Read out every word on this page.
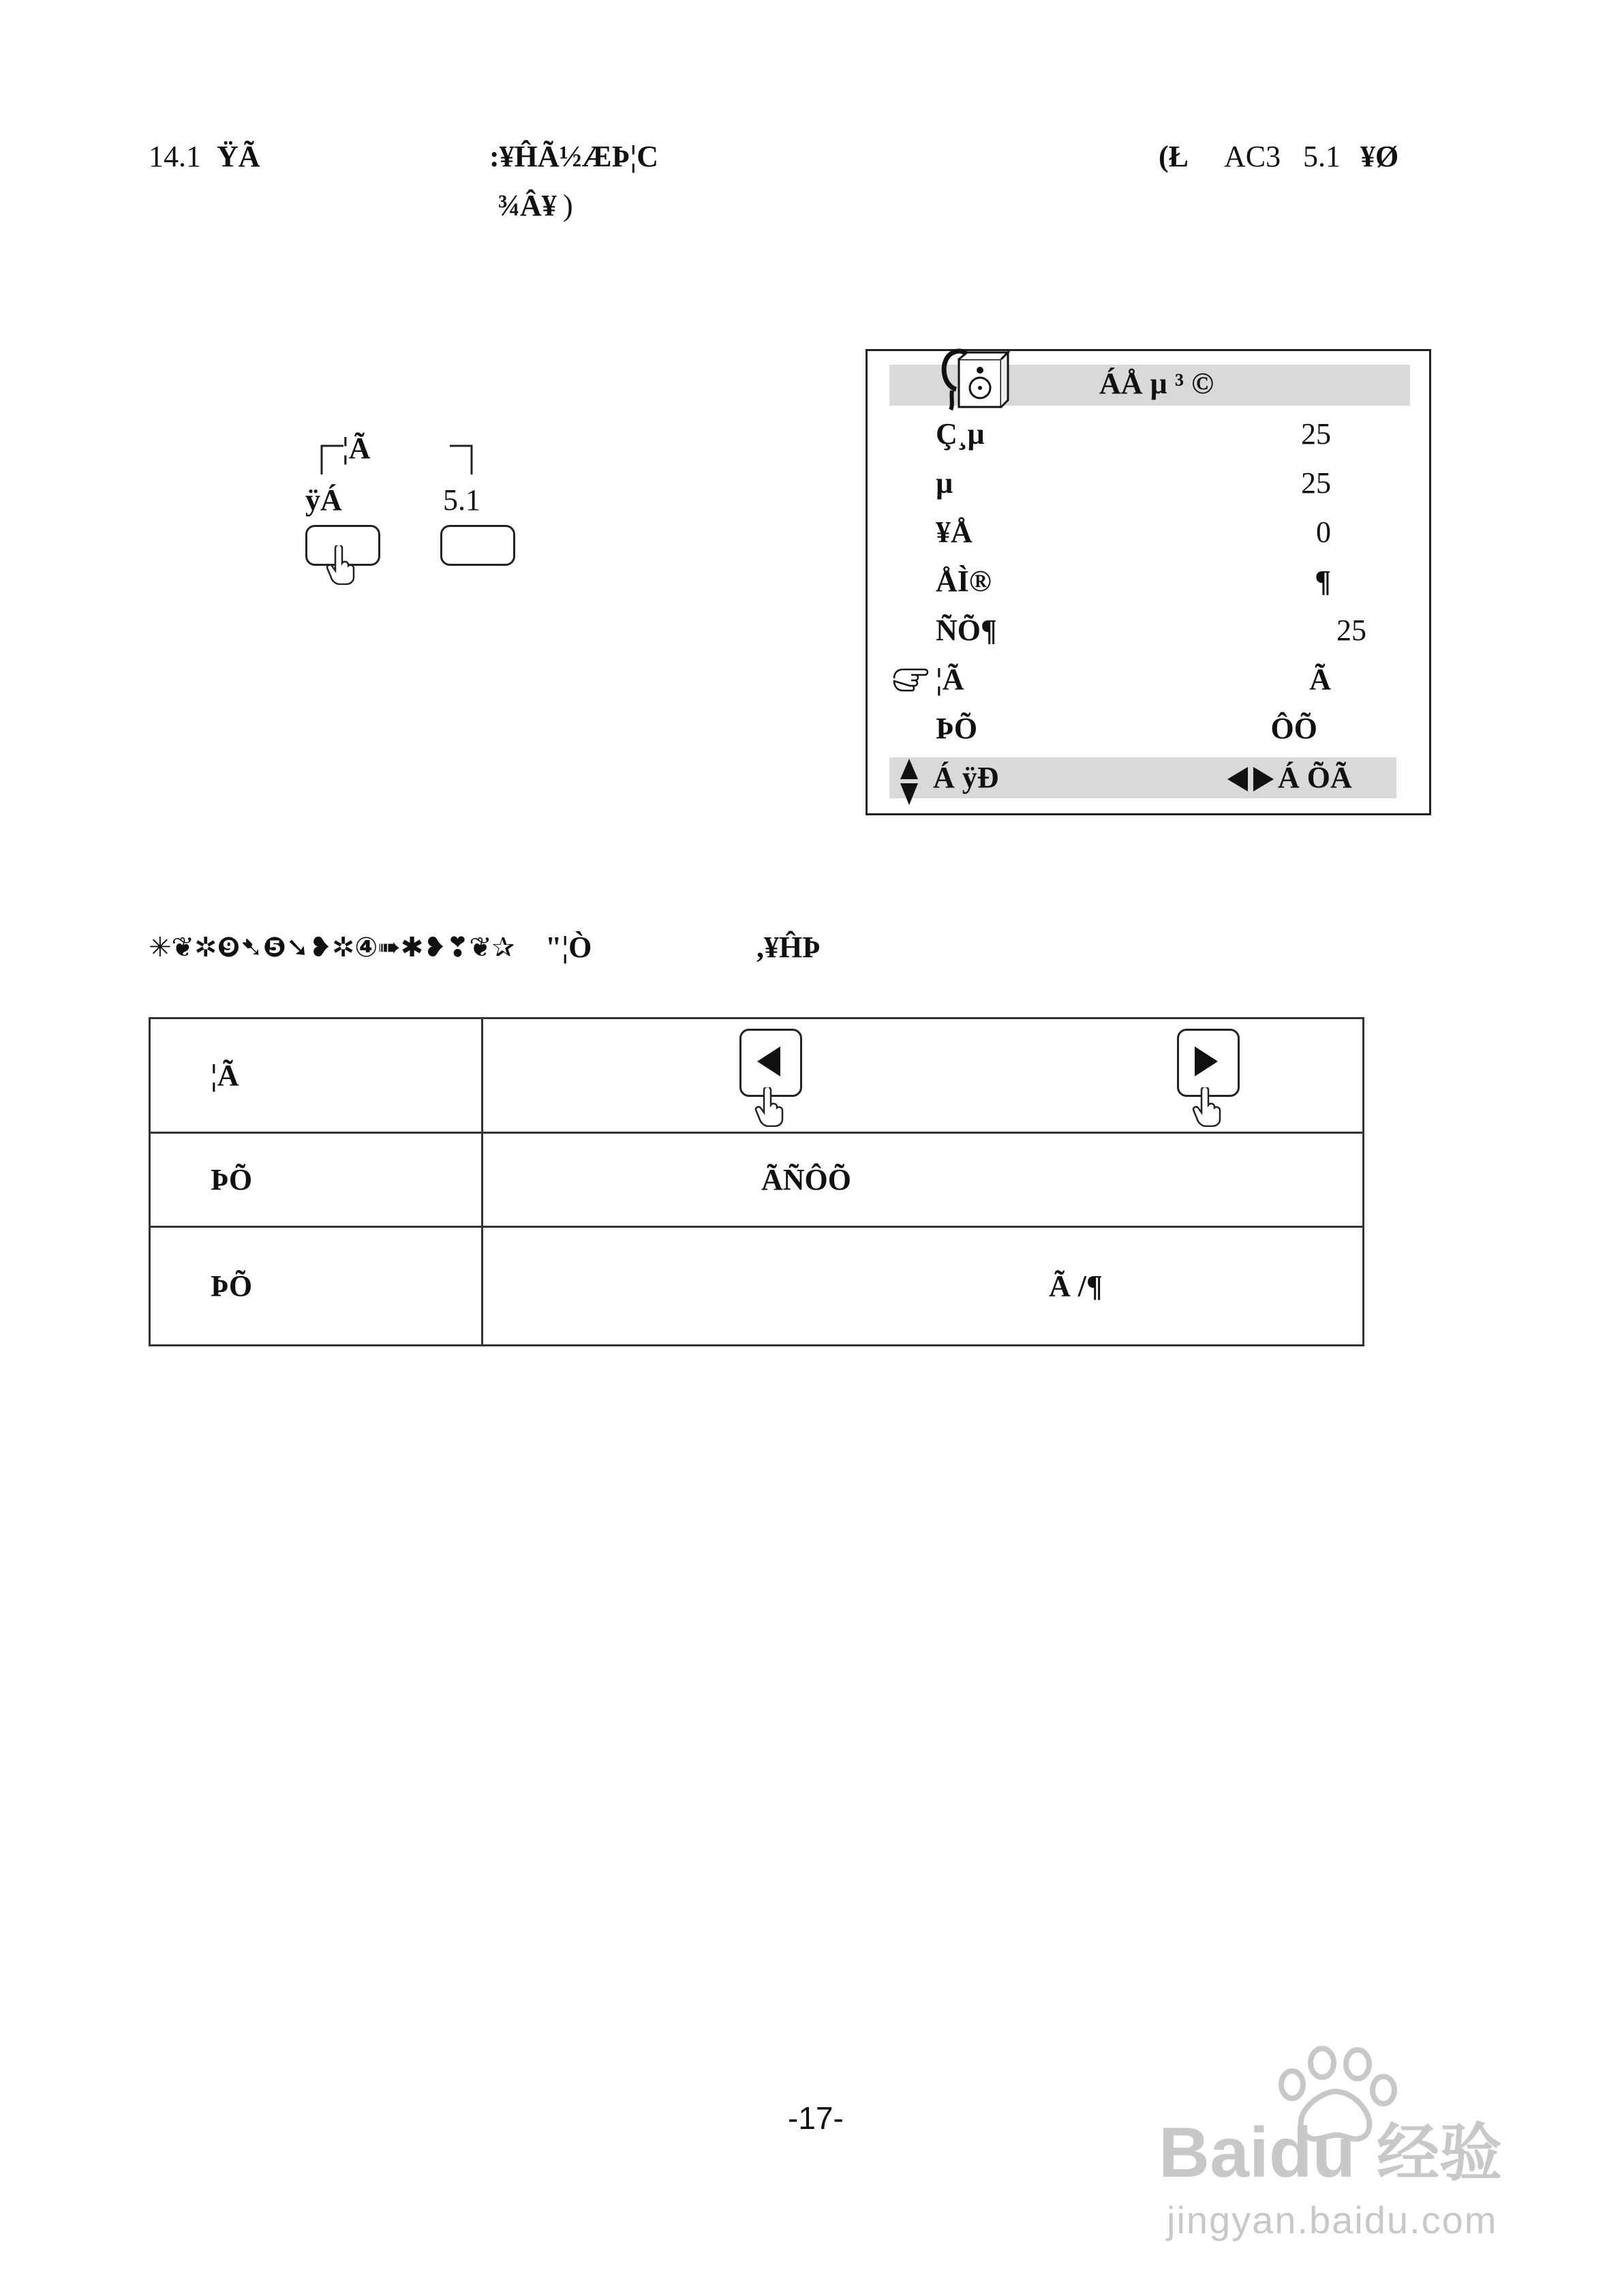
14.1 ŸÃ	:¥ĤÃ½ÆÞ¦C	(Ł AC3 5.1 ¥Ø
¾Â¥ )
¦Ã
ÿÁ	5.1
ÁÅ µ ³ ©
Ç¸µ	25
µ	25
¥Å	0
ÅÌ®	¶
ÑÕ¶	25
¦Ã	Ã
ÞÕ	ÔÕ
Á ÿÐ	Á ÕÃ
✳❦✲❾➷❺➘❥✲④➠✱❥❣❦✰ "¦Ò	,¥ĤÞ
¦Ã	

ÞÕ	ÃÑÔÕ
ÞÕ	Ã /¶
-17-	Baidu 经验
jingyan.baidu.com
